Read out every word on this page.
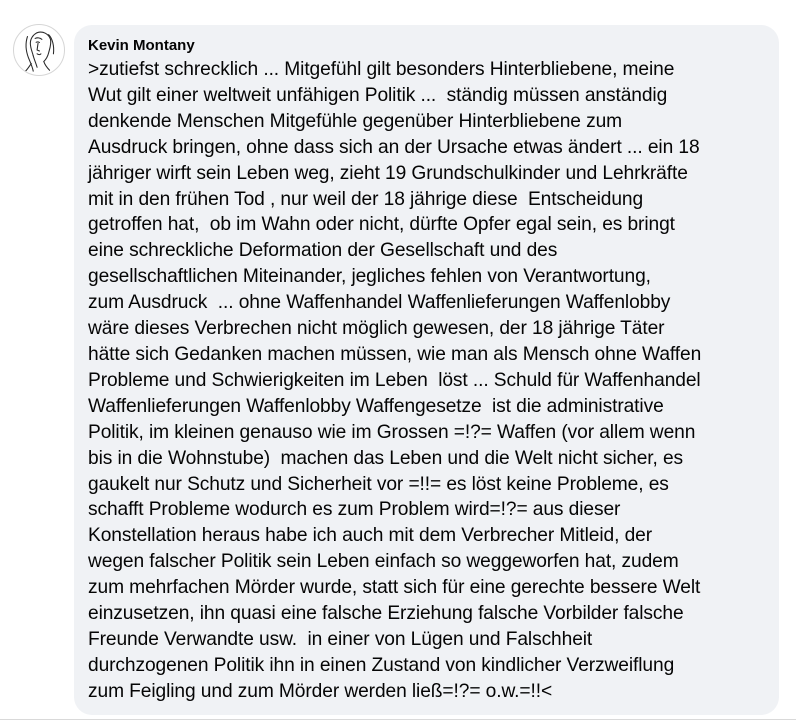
Kevin Montany
>zutiefst schrecklich ... Mitgefühl gilt besonders Hinterbliebene, meine
Wut gilt einer weltweit unfähigen Politik ...  ständig müssen anständig
denkende Menschen Mitgefühle gegenüber Hinterbliebene zum
Ausdruck bringen, ohne dass sich an der Ursache etwas ändert ... ein 18
jähriger wirft sein Leben weg, zieht 19 Grundschulkinder und Lehrkräfte
mit in den frühen Tod , nur weil der 18 jährige diese  Entscheidung
getroffen hat,  ob im Wahn oder nicht, dürfte Opfer egal sein, es bringt
eine schreckliche Deformation der Gesellschaft und des
gesellschaftlichen Miteinander, jegliches fehlen von Verantwortung,
zum Ausdruck  ... ohne Waffenhandel Waffenlieferungen Waffenlobby
wäre dieses Verbrechen nicht möglich gewesen, der 18 jährige Täter
hätte sich Gedanken machen müssen, wie man als Mensch ohne Waffen
Probleme und Schwierigkeiten im Leben  löst ... Schuld für Waffenhandel
Waffenlieferungen Waffenlobby Waffengesetze  ist die administrative
Politik, im kleinen genauso wie im Grossen =!?= Waffen (vor allem wenn
bis in die Wohnstube)  machen das Leben und die Welt nicht sicher, es
gaukelt nur Schutz und Sicherheit vor =!!= es löst keine Probleme, es
schafft Probleme wodurch es zum Problem wird=!?= aus dieser
Konstellation heraus habe ich auch mit dem Verbrecher Mitleid, der
wegen falscher Politik sein Leben einfach so weggeworfen hat, zudem
zum mehrfachen Mörder wurde, statt sich für eine gerechte bessere Welt
einzusetzen, ihn quasi eine falsche Erziehung falsche Vorbilder falsche
Freunde Verwandte usw.  in einer von Lügen und Falschheit
durchzogenen Politik ihn in einen Zustand von kindlicher Verzweiflung
zum Feigling und zum Mörder werden ließ=!?= o.w.=!!<
